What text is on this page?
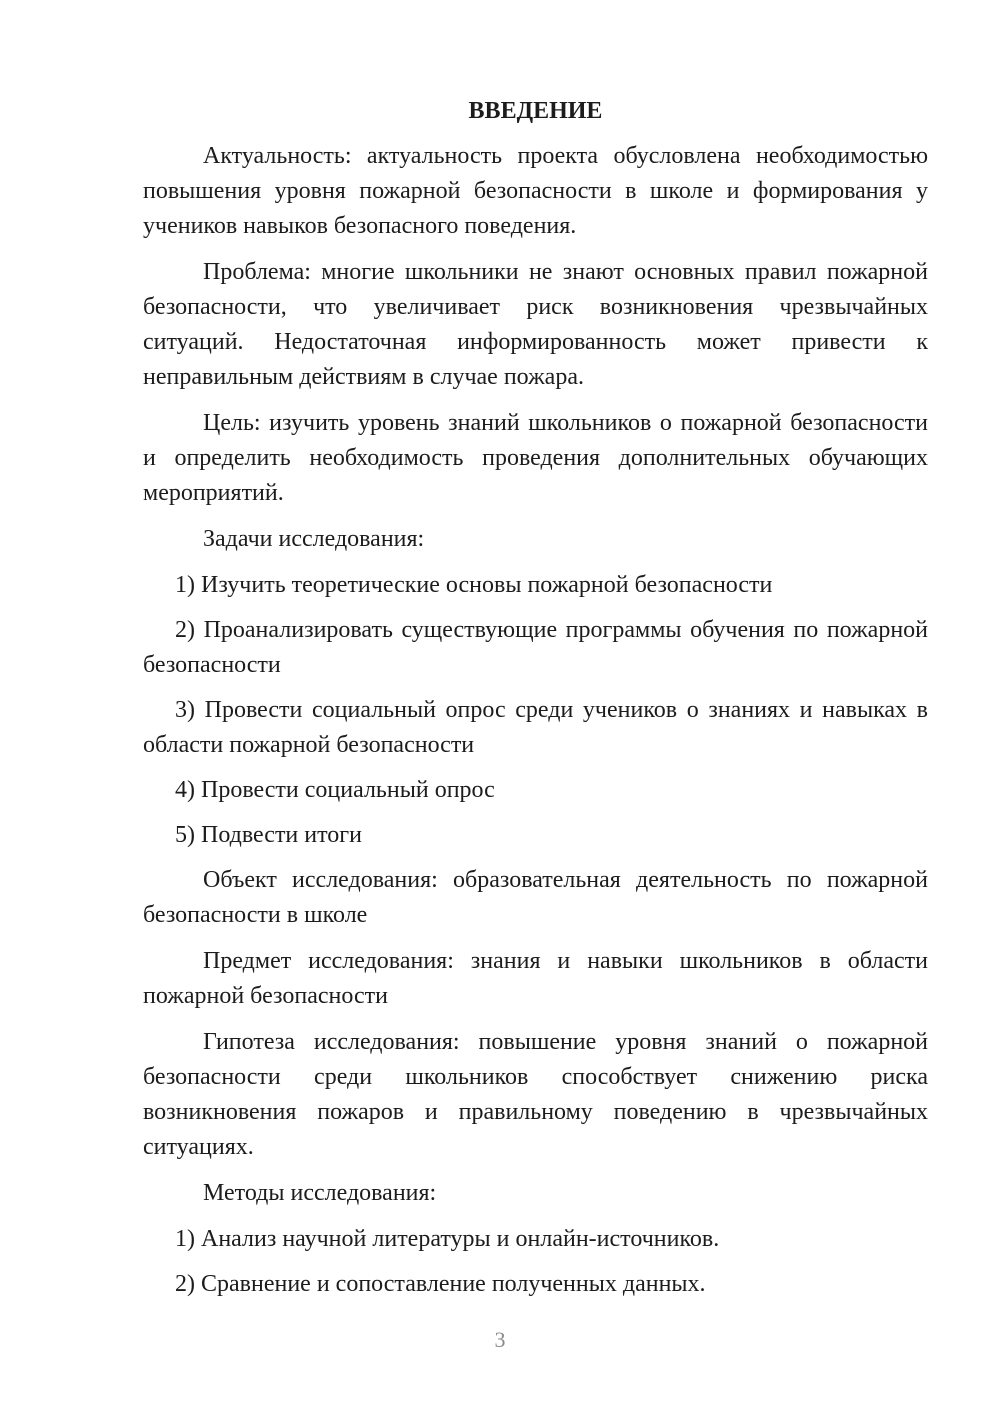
ВВЕДЕНИЕ

Актуальность: актуальность проекта обусловлена необходимостью повышения уровня пожарной безопасности в школе и формирования у учеников навыков безопасного поведения.

Проблема: многие школьники не знают основных правил пожарной безопасности, что увеличивает риск возникновения чрезвычайных ситуаций. Недостаточная информированность может привести к неправильным действиям в случае пожара.

Цель: изучить уровень знаний школьников о пожарной безопасности и определить необходимость проведения дополнительных обучающих мероприятий.

Задачи исследования:

1) Изучить теоретические основы пожарной безопасности

2) Проанализировать существующие программы обучения по пожарной безопасности

3) Провести социальный опрос среди учеников о знаниях и навыках в области пожарной безопасности

4) Провести социальный опрос

5) Подвести итоги

Объект исследования: образовательная деятельность по пожарной безопасности в школе

Предмет исследования: знания и навыки школьников в области пожарной безопасности

Гипотеза исследования: повышение уровня знаний о пожарной безопасности среди школьников способствует снижению риска возникновения пожаров и правильному поведению в чрезвычайных ситуациях.

Методы исследования:

1) Анализ научной литературы и онлайн-источников.

2) Сравнение и сопоставление полученных данных.

3
